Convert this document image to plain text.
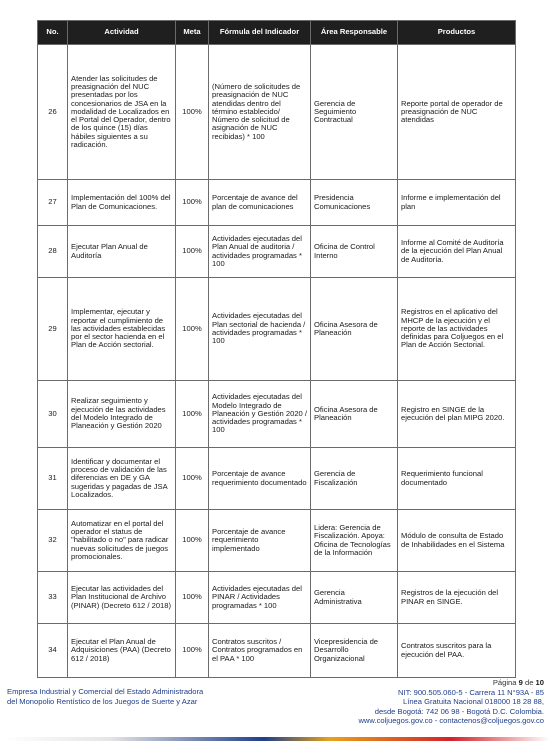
No.	Actividad	Meta	Fórmula del Indicador	Área Responsable	Productos
26	Atender las solicitudes de preasignación del NUC presentadas por los concesionarios de JSA en la modalidad de Localizados en el Portal del Operador, dentro de los quince (15) días hábiles siguientes a su radicación.	100%	(Número de solicitudes de preasignación de NUC atendidas dentro del término establecido/ Número de solicitud de asignación de NUC recibidas) * 100	Gerencia de Seguimiento Contractual	Reporte portal de operador de preasignación de NUC atendidas
27	Implementación del 100% del Plan de Comunicaciones.	100%	Porcentaje de avance del plan de comunicaciones	Presidencia Comunicaciones	Informe e implementación del plan
28	Ejecutar Plan Anual de Auditoría	100%	Actividades ejecutadas del Plan Anual de auditoria / actividades programadas * 100	Oficina de Control Interno	Informe al Comité de Auditoría de la ejecución del Plan Anual de Auditoría.
29	Implementar, ejecutar y reportar el cumplimiento de las actividades establecidas por el sector hacienda en el Plan de Acción sectorial.	100%	Actividades ejecutadas del Plan sectorial de hacienda / actividades programadas * 100	Oficina Asesora de Planeación	Registros en el aplicativo del MHCP de la ejecución y el reporte de las actividades definidas para Coljuegos en el Plan de Acción Sectorial.
30	Realizar seguimiento y ejecución de las actividades del Modelo Integrado de Planeación y Gestión 2020	100%	Actividades ejecutadas del Modelo Integrado de Planeación y Gestión 2020 / actividades programadas * 100	Oficina Asesora de Planeación	Registro en SINGE de la ejecución del plan MIPG 2020.
31	Identificar y documentar el proceso de validación de las diferencias en DE y GA sugeridas y pagadas de JSA Localizados.	100%	Porcentaje de avance requerimiento documentado	Gerencia de Fiscalización	Requerimiento funcional documentado
32	Automatizar en el portal del operador el status de "habilitado o no" para radicar nuevas solicitudes de juegos promocionales.	100%	Porcentaje de avance requerimiento implementado	Lidera: Gerencia de Fiscalización. Apoya: Oficina de Tecnologías de la Información	Módulo de consulta de Estado de Inhabilidades en el Sistema
33	Ejecutar las actividades del Plan Institucional de Archivo (PINAR) (Decreto 612 / 2018)	100%	Actividades ejecutadas del PINAR / Actividades programadas * 100	Gerencia Administrativa	Registros de la ejecución del PINAR en SINGE.
34	Ejecutar el Plan Anual de Adquisiciones (PAA) (Decreto 612 / 2018)	100%	Contratos suscritos / Contratos programados en el PAA * 100	Vicepresidencia de Desarrollo Organizacional	Contratos suscritos para la ejecución del PAA.
Empresa Industrial y Comercial del Estado Administradora
del Monopolio Rentístico de los Juegos de Suerte y Azar
Página 9 de 10
NIT: 900.505.060-5 - Carrera 11 N°93A - 85
Línea Gratuita Nacional 018000 18 28 88,
desde Bogotá: 742 06 98 - Bogotá D.C. Colombia.
www.coljuegos.gov.co - contactenos@coljuegos.gov.co
